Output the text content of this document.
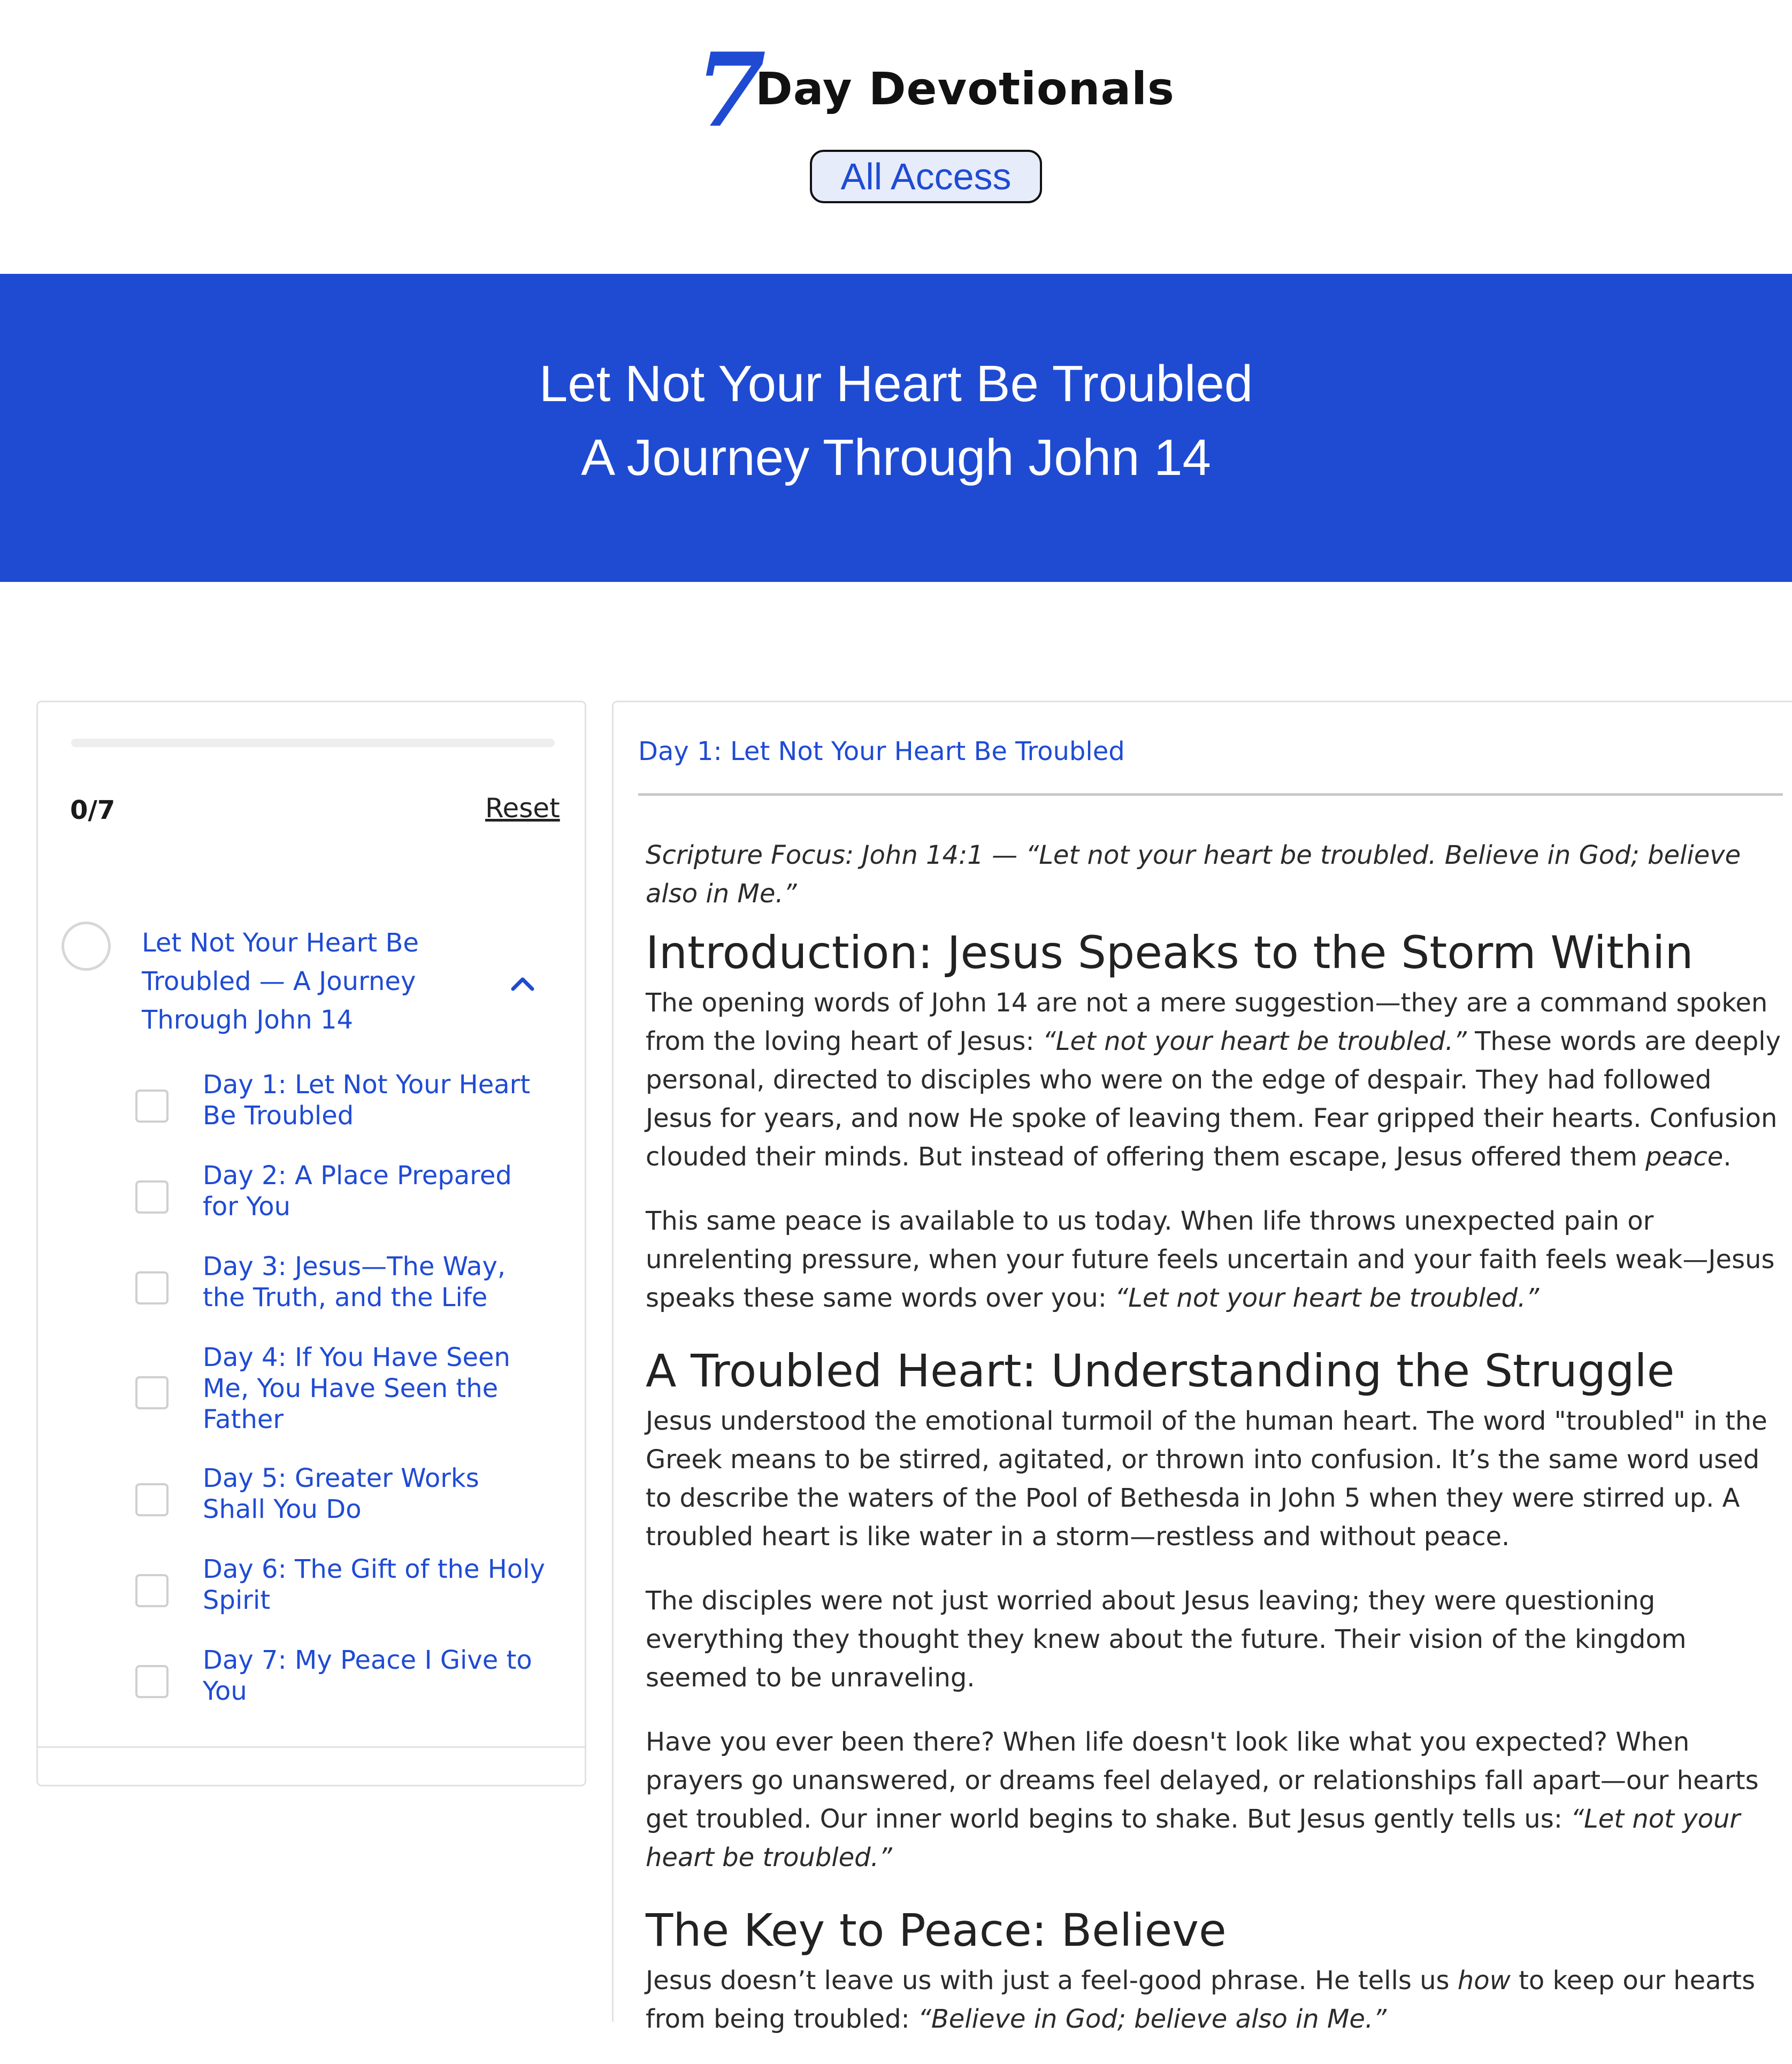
7
Day Devotionals
All Access
Let Not Your Heart Be Troubled
A Journey Through John 14
0/7	Reset
Let Not Your Heart Be Troubled — A Journey Through John 14
Day 1: Let Not Your Heart Be Troubled
Day 2: A Place Prepared for You
Day 3: Jesus—The Way, the Truth, and the Life
Day 4: If You Have Seen Me, You Have Seen the Father
Day 5: Greater Works Shall You Do
Day 6: The Gift of the Holy Spirit
Day 7: My Peace I Give to You
Day 1: Let Not Your Heart Be Troubled

Scripture Focus: John 14:1 — “Let not your heart be troubled. Believe in God; believe also in Me.”

Introduction: Jesus Speaks to the Storm Within

The opening words of John 14 are not a mere suggestion—they are a command spoken from the loving heart of Jesus: “Let not your heart be troubled.” These words are deeply personal, directed to disciples who were on the edge of despair. They had followed Jesus for years, and now He spoke of leaving them. Fear gripped their hearts. Confusion clouded their minds. But instead of offering them escape, Jesus offered them peace.

This same peace is available to us today. When life throws unexpected pain or unrelenting pressure, when your future feels uncertain and your faith feels weak—Jesus speaks these same words over you: “Let not your heart be troubled.”

A Troubled Heart: Understanding the Struggle

Jesus understood the emotional turmoil of the human heart. The word "troubled" in the Greek means to be stirred, agitated, or thrown into confusion. It’s the same word used to describe the waters of the Pool of Bethesda in John 5 when they were stirred up. A troubled heart is like water in a storm—restless and without peace.

The disciples were not just worried about Jesus leaving; they were questioning everything they thought they knew about the future. Their vision of the kingdom seemed to be unraveling.

Have you ever been there? When life doesn't look like what you expected? When prayers go unanswered, or dreams feel delayed, or relationships fall apart—our hearts get troubled. Our inner world begins to shake. But Jesus gently tells us: “Let not your heart be troubled.”

The Key to Peace: Believe

Jesus doesn’t leave us with just a feel-good phrase. He tells us how to keep our hearts from being troubled: “Believe in God; believe also in Me.”
